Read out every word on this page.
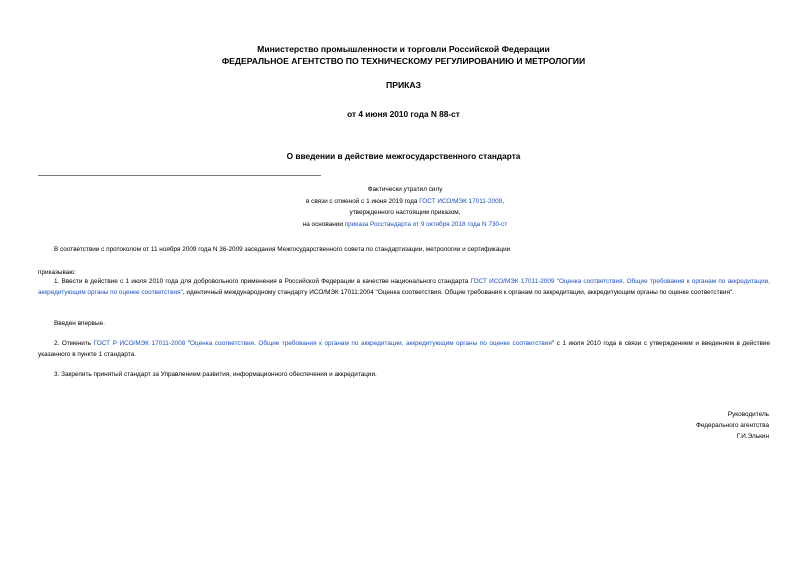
Министерство промышленности и торговли Российской Федерации
ФЕДЕРАЛЬНОЕ АГЕНТСТВО ПО ТЕХНИЧЕСКОМУ РЕГУЛИРОВАНИЮ И МЕТРОЛОГИИ
ПРИКАЗ
от 4 июня 2010 года N 88-ст
О введении в действие межгосударственного стандарта
Фактически утратил силу
в связи с отменой с 1 июня 2019 года ГОСТ ИСО/МЭК 17011-2009,
утвержденного настоящим приказом,
на основании приказа Росстандарта от 9 октября 2018 года N 730-ст
В соответствии с протоколом от 11 ноября 2009 года N 36-2009 заседания Межгосударственного совета по стандартизации, метрологии и сертификации
приказываю:
1. Ввести в действие с 1 июля 2010 года для добровольного применения в Российской Федерации в качестве национального стандарта ГОСТ ИСО/МЭК 17011-2009 "Оценка соответствия. Общие требования к органам по аккредитации, аккредитующим органы по оценке соответствия", идентичный международному стандарту ИСО/МЭК 17011:2004 "Оценка соответствия. Общие требования к органам по аккредитации, аккредитующим органы по оценке соответствия".
Введен впервые.
2. Отменить ГОСТ Р ИСО/МЭК 17011-2008 "Оценка соответствия. Общие требования к органам по аккредитации, аккредитующим органы по оценке соответствия" с 1 июля 2010 года в связи с утверждением и введением в действие указанного в пункте 1 стандарта.
3. Закрепить принятый стандарт за Управлением развития, информационного обеспечения и аккредитации.
Руководитель
Федерального агентства
Г.И.Элькин
